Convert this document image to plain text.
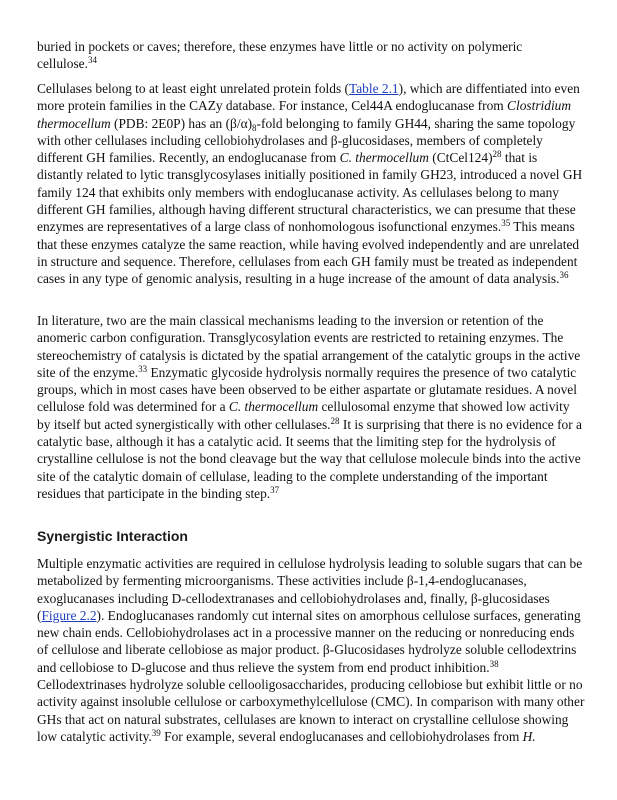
buried in pockets or caves; therefore, these enzymes have little or no activity on polymeric cellulose.$^{34}$

Cellulases belong to at least eight unrelated protein folds (Table 2.1), which are diffentiated into even more protein families in the CAZy database. For instance, Cel44A endoglucanase from Clostridium thermocellum (PDB: 2E0P) has an $(\beta/\alpha)_8$-fold belonging to family GH44, sharing the same topology with other cellulases including cellobiohydrolases and β-glucosidases, members of completely different GH families. Recently, an endoglucanase from C. thermocellum (CtCel124)$^{28}$ that is distantly related to lytic transglycosylases initially positioned in family GH23, introduced a novel GH family 124 that exhibits only members with endoglucanase activity. As cellulases belong to many different GH families, although having different structural characteristics, we can presume that these enzymes are representatives of a large class of nonhomologous isofunctional enzymes.$^{35}$ This means that these enzymes catalyze the same reaction, while having evolved independently and are unrelated in structure and sequence. Therefore, cellulases from each GH family must be treated as independent cases in any type of genomic analysis, resulting in a huge increase of the amount of data analysis.$^{36}$

In literature, two are the main classical mechanisms leading to the inversion or retention of the anomeric carbon configuration. Transglycosylation events are restricted to retaining enzymes. The stereochemistry of catalysis is dictated by the spatial arrangement of the catalytic groups in the active site of the enzyme.$^{33}$ Enzymatic glycoside hydrolysis normally requires the presence of two catalytic groups, which in most cases have been observed to be either aspartate or glutamate residues. A novel cellulose fold was determined for a C. thermocellum cellulosomal enzyme that showed low activity by itself but acted synergistically with other cellulases.$^{28}$ It is surprising that there is no evidence for a catalytic base, although it has a catalytic acid. It seems that the limiting step for the hydrolysis of crystalline cellulose is not the bond cleavage but the way that cellulose molecule binds into the active site of the catalytic domain of cellulase, leading to the complete understanding of the important residues that participate in the binding step.$^{37}$

Synergistic Interaction

Multiple enzymatic activities are required in cellulose hydrolysis leading to soluble sugars that can be metabolized by fermenting microorganisms. These activities include β-1,4-endoglucanases, exoglucanases including D-cellodextranases and cellobiohydrolases and, finally, β-glucosidases (Figure 2.2). Endoglucanases randomly cut internal sites on amorphous cellulose surfaces, generating new chain ends. Cellobiohydrolases act in a processive manner on the reducing or nonreducing ends of cellulose and liberate cellobiose as major product. β-Glucosidases hydrolyze soluble cellodextrins and cellobiose to D-glucose and thus relieve the system from end product inhibition.$^{38}$ Cellodextrinases hydrolyze soluble cellooligosaccharides, producing cellobiose but exhibit little or no activity against insoluble cellulose or carboxymethylcellulose (CMC). In comparison with many other GHs that act on natural substrates, cellulases are known to interact on crystalline cellulose showing low catalytic activity.$^{39}$ For example, several endoglucanases and cellobiohydrolases from H.
